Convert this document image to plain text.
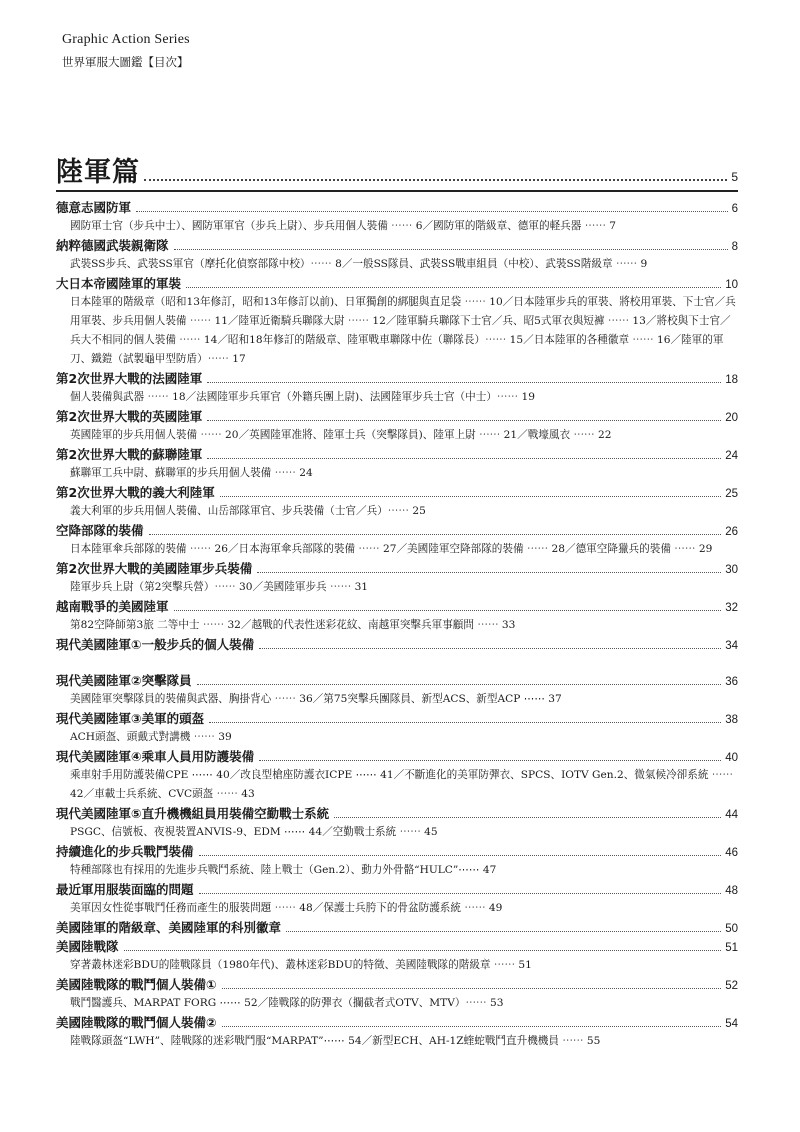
Graphic Action Series
世界軍服大圖鑑【目次】
陸軍篇	5
德意志國防軍	6

國防軍士官（步兵中士）、國防軍軍官（步兵上尉）、步兵用個人裝備 ⋯⋯ 6／國防軍的階級章、德軍的軽兵器 ⋯⋯ 7

納粹德國武裝親衛隊	8

武裝SS步兵、武裝SS軍官（摩托化偵察部隊中校）⋯⋯ 8／一般SS隊員、武裝SS戰車組員（中校）、武裝SS階級章 ⋯⋯ 9

大日本帝國陸軍的軍裝	10

日本陸軍的階級章（昭和13年修訂，昭和13年修訂以前)、日軍獨創的綁腿與直足袋 ⋯⋯ 10／日本陸軍步兵的軍裝、將校用軍裝、下士官／兵用軍裝、步兵用個人裝備 ⋯⋯ 11／陸軍近衛騎兵聯隊大尉 ⋯⋯ 12／陸軍騎兵聯隊下士官／兵、昭5式軍衣與短褲 ⋯⋯ 13／將校與下士官／兵大不相同的個人裝備 ⋯⋯ 14／昭和18年修訂的階級章、陸軍戰車聯隊中佐（聯隊長）⋯⋯ 15／日本陸軍的各種徽章 ⋯⋯ 16／陸軍的軍刀、鐵鎧（試製龜甲型防盾）⋯⋯ 17

第2次世界大戰的法國陸軍	18

個人裝備與武器 ⋯⋯ 18／法國陸軍步兵軍官（外籍兵團上尉)、法國陸軍步兵士官（中士）⋯⋯ 19

第2次世界大戰的英國陸軍	20

英國陸軍的步兵用個人裝備 ⋯⋯ 20／英國陸軍准將、陸軍士兵（突擊隊員)、陸軍上尉 ⋯⋯ 21／戰壕風衣 ⋯⋯ 22

第2次世界大戰的蘇聯陸軍	24

蘇聯軍工兵中尉、蘇聯軍的步兵用個人裝備 ⋯⋯ 24

第2次世界大戰的義大利陸軍	25

義大利軍的步兵用個人裝備、山岳部隊軍官、步兵裝備（士官／兵）⋯⋯ 25

空降部隊的裝備	26

日本陸軍傘兵部隊的裝備 ⋯⋯ 26／日本海軍傘兵部隊的裝備 ⋯⋯ 27／美國陸軍空降部隊的裝備 ⋯⋯ 28／德軍空降獵兵的裝備 ⋯⋯ 29

第2次世界大戰的美國陸軍步兵裝備	30

陸軍步兵上尉（第2突擊兵營）⋯⋯ 30／美國陸軍步兵 ⋯⋯ 31

越南戰爭的美國陸軍	32

第82空降師第3旅 二等中士 ⋯⋯ 32／越戰的代表性迷彩花紋、南越軍突擊兵軍事顧問 ⋯⋯ 33

現代美國陸軍①一般步兵的個人裝備	34
現代美國陸軍②突擊隊員	36

美國陸軍突擊隊員的裝備與武器、胸掛背心 ⋯⋯ 36／第75突擊兵團隊員、新型ACS、新型ACP ⋯⋯ 37

現代美國陸軍③美軍的頭盔	38

ACH頭盔、頭戴式對講機 ⋯⋯ 39

現代美國陸軍④乘車人員用防護裝備	40

乘車射手用防護裝備CPE ⋯⋯ 40／改良型槍座防護衣ICPE ⋯⋯ 41／不斷進化的美軍防彈衣、SPCS、IOTV Gen.2、微氣候冷卻系統 ⋯⋯ 42／車載士兵系統、CVC頭盔 ⋯⋯ 43

現代美國陸軍⑤直升機機組員用裝備空勤戰士系統	44

PSGC、信號板、夜視裝置ANVIS-9、EDM ⋯⋯ 44／空勤戰士系統 ⋯⋯ 45

持續進化的步兵戰鬥裝備	46

特種部隊也有採用的先進步兵戰鬥系統、陸上戰士（Gen.2）、動力外骨骼“HULC”⋯⋯ 47

最近軍用服裝面臨的問題	48

美軍因女性從事戰鬥任務而產生的服裝問題 ⋯⋯ 48／保護士兵胯下的骨盆防護系統 ⋯⋯ 49

美國陸軍的階級章、美國陸軍的科別徽章	50
美國陸戰隊	51

穿著叢林迷彩BDU的陸戰隊員（1980年代)、叢林迷彩BDU的特徵、美國陸戰隊的階級章 ⋯⋯ 51

美國陸戰隊的戰鬥個人裝備①	52

戰鬥醫護兵、MARPAT FORG ⋯⋯ 52／陸戰隊的防彈衣（攔截者式OTV、MTV）⋯⋯ 53

美國陸戰隊的戰鬥個人裝備②	54

陸戰隊頭盔“LWH”、陸戰隊的迷彩戰鬥服“MARPAT”⋯⋯ 54／新型ECH、AH-1Z蝰蛇戰鬥直升機機員 ⋯⋯ 55
